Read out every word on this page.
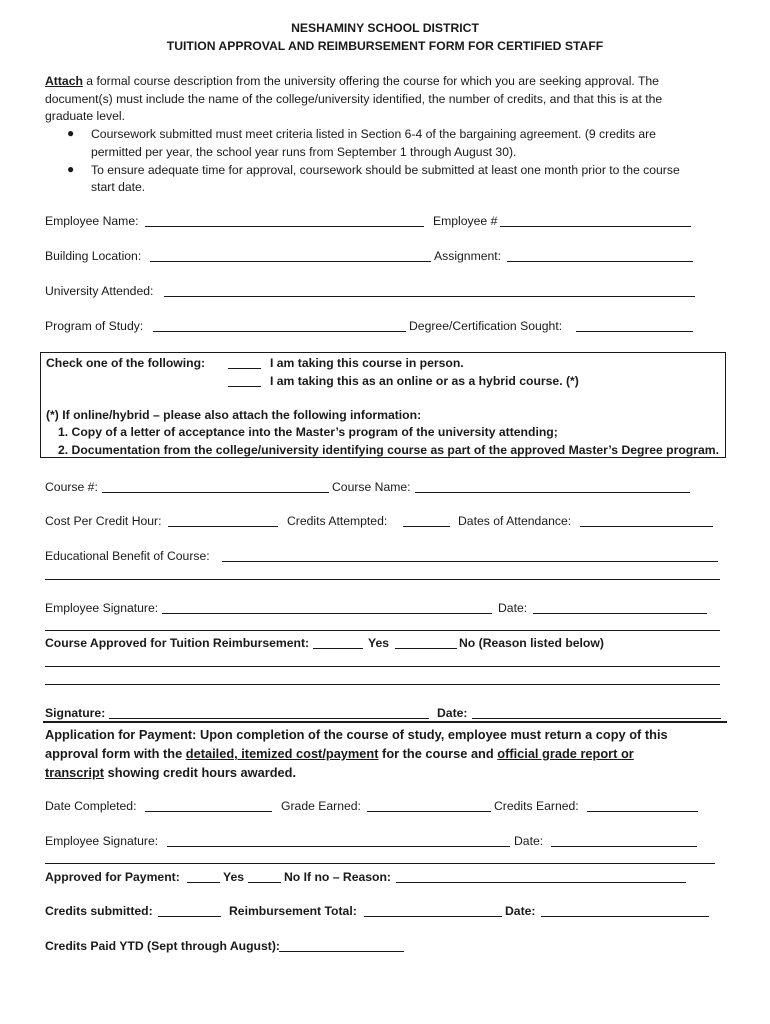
NESHAMINY SCHOOL DISTRICT
TUITION APPROVAL AND REIMBURSEMENT FORM FOR CERTIFIED STAFF
Attach a formal course description from the university offering the course for which you are seeking approval. The
document(s) must include the name of the college/university identified, the number of credits, and that this is at the
graduate level.
● Coursework submitted must meet criteria listed in Section 6-4 of the bargaining agreement. (9 credits are
permitted per year, the school year runs from September 1 through August 30).
● To ensure adequate time for approval, coursework should be submitted at least one month prior to the course
start date.
Employee Name:	Employee #
Building Location:	Assignment:
University Attended:
Program of Study:	Degree/Certification Sought:
Check one of the following:	I am taking this course in person.
I am taking this as an online or as a hybrid course. (*)
(*) If online/hybrid – please also attach the following information:
1. Copy of a letter of acceptance into the Master’s program of the university attending;
2. Documentation from the college/university identifying course as part of the approved Master’s Degree program.
Course #:	Course Name:
Cost Per Credit Hour:	Credits Attempted:	Dates of Attendance:
Educational Benefit of Course:
Employee Signature:	Date:
Course Approved for Tuition Reimbursement:	Yes	No (Reason listed below)
Signature:	Date:
Application for Payment: Upon completion of the course of study, employee must return a copy of this
approval form with the detailed, itemized cost/payment for the course and official grade report or
transcript showing credit hours awarded.
Date Completed:	Grade Earned:	Credits Earned:
Employee Signature:	Date:
Approved for Payment:	Yes	No If no – Reason:
Credits submitted:	Reimbursement Total:	Date:
Credits Paid YTD (Sept through August):
